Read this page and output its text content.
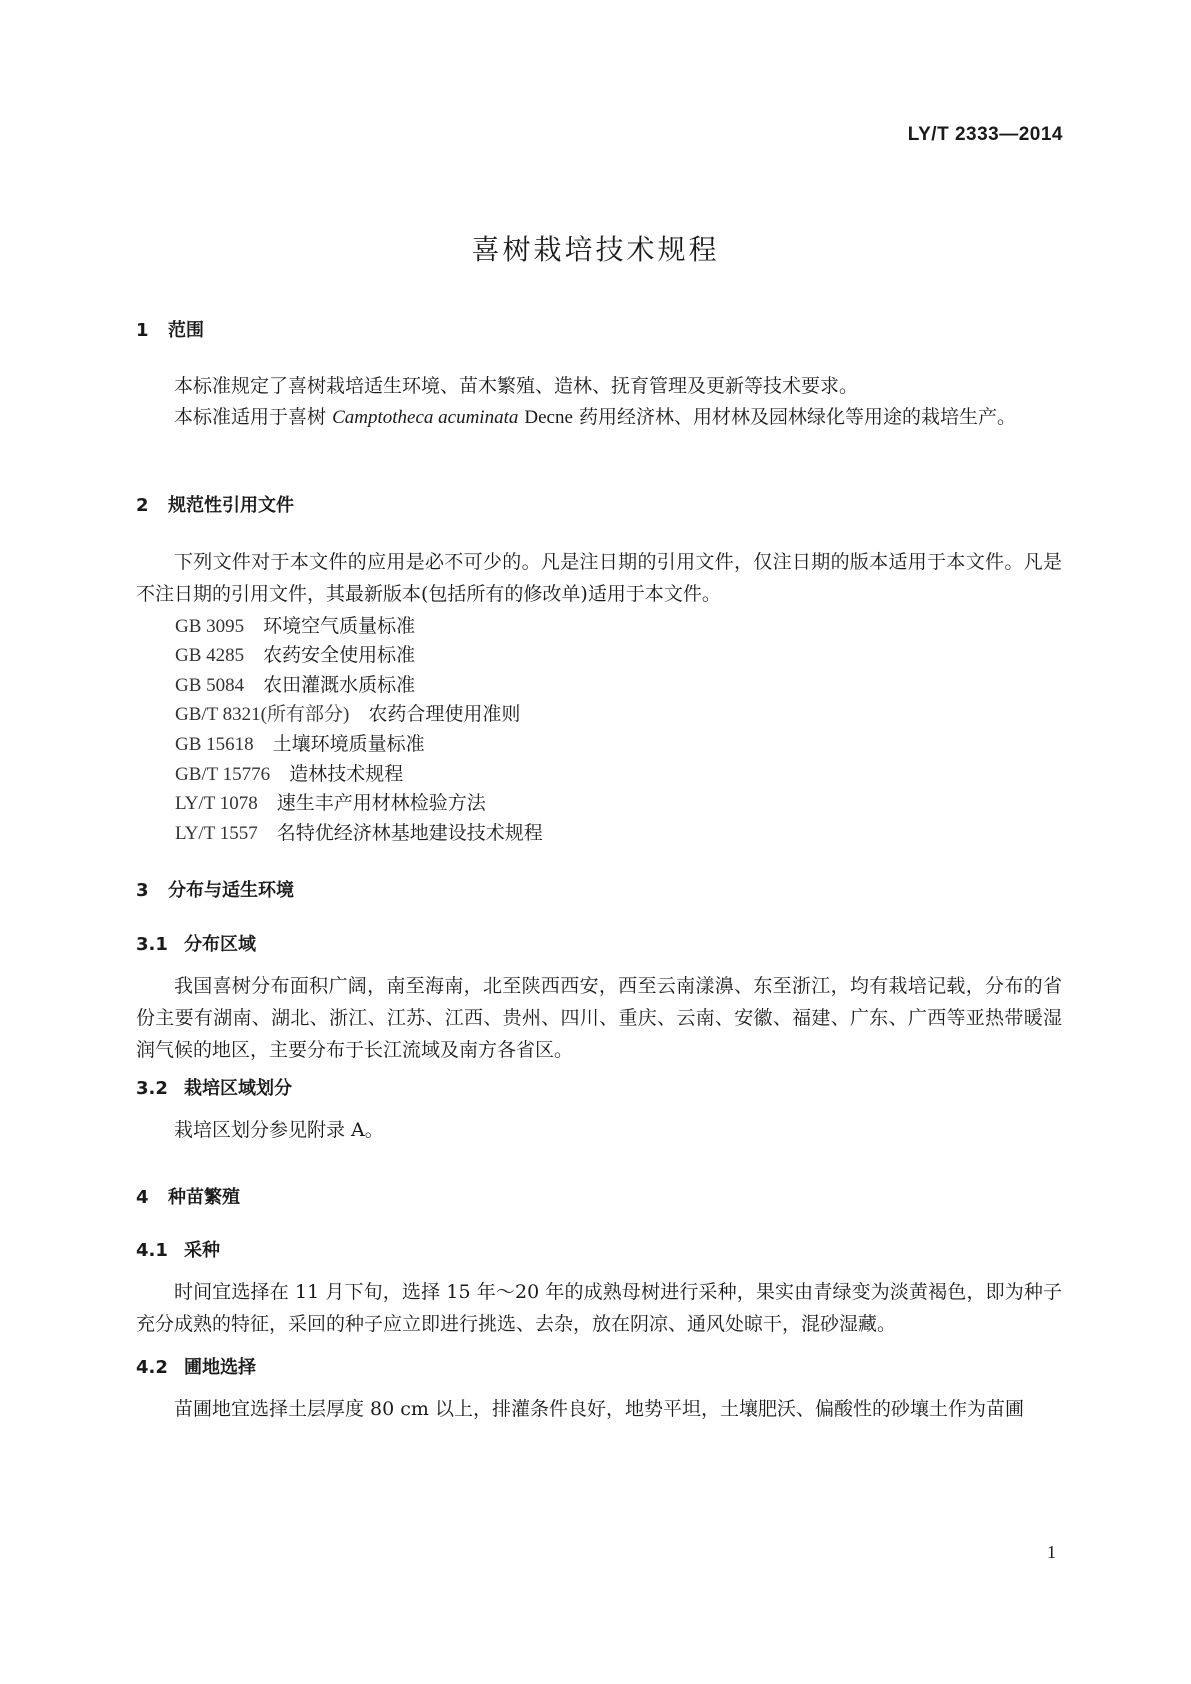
LY/T 2333—2014
喜树栽培技术规程
1 范围

本标准规定了喜树栽培适生环境、苗木繁殖、造林、抚育管理及更新等技术要求。

本标准适用于喜树 Camptotheca acuminata Decne 药用经济林、用材林及园林绿化等用途的栽培生产。

2 规范性引用文件

下列文件对于本文件的应用是必不可少的。凡是注日期的引用文件，仅注日期的版本适用于本文件。凡是不注日期的引用文件，其最新版本(包括所有的修改单)适用于本文件。

GB 3095　 环境空气质量标准
GB 4285　 农药安全使用标准
GB 5084　 农田灌溉水质标准
GB/T 8321(所有部分)　 农药合理使用准则
GB 15618　 土壤环境质量标准
GB/T 15776　 造林技术规程
LY/T 1078　 速生丰产用材林检验方法
LY/T 1557　 名特优经济林基地建设技术规程
3 分布与适生环境
3.1 分布区域

我国喜树分布面积广阔，南至海南，北至陕西西安，西至云南漾濞、东至浙江，均有栽培记载，分布的省份主要有湖南、湖北、浙江、江苏、江西、贵州、四川、重庆、云南、安徽、福建、广东、广西等亚热带暖湿润气候的地区，主要分布于长江流域及南方各省区。

3.2 栽培区域划分

栽培区划分参见附录 A。

4 种苗繁殖
4.1 采种

时间宜选择在 11 月下旬，选择 15 年～20 年的成熟母树进行采种，果实由青绿变为淡黄褐色，即为种子充分成熟的特征，采回的种子应立即进行挑选、去杂，放在阴凉、通风处晾干，混砂湿藏。

4.2 圃地选择

苗圃地宜选择土层厚度 80 cm 以上，排灌条件良好，地势平坦，土壤肥沃、偏酸性的砂壤土作为苗圃

1
